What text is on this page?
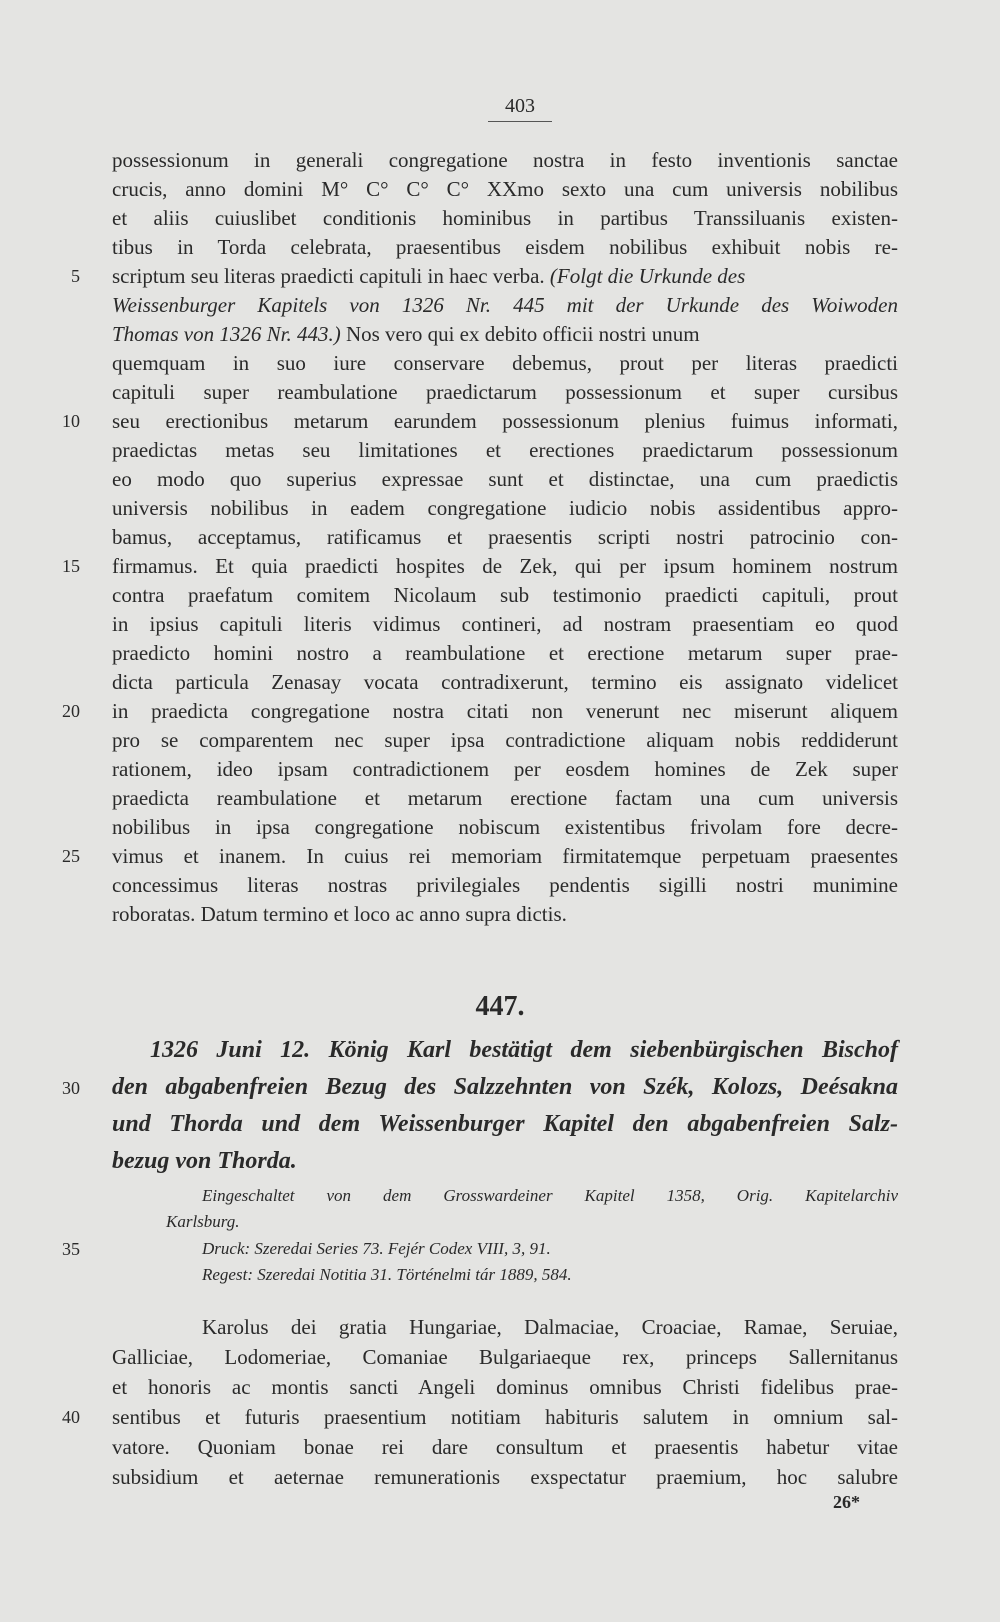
403
possessionum in generali congregatione nostra in festo inventionis sanctae
crucis, anno domini M° C° C° C° XXmo sexto una cum universis nobilibus
et aliis cuiuslibet conditionis hominibus in partibus Transsiluanis existen-
tibus in Torda celebrata, praesentibus eisdem nobilibus exhibuit nobis re-
scriptum seu literas praedicti capituli in haec verba. (Folgt die Urkunde des
Weissenburger Kapitels von 1326 Nr. 445 mit der Urkunde des Woiwoden
Thomas von 1326 Nr. 443.) Nos vero qui ex debito officii nostri unum
quemquam in suo iure conservare debemus, prout per literas praedicti
capituli super reambulatione praedictarum possessionum et super cursibus
seu erectionibus metarum earundem possessionum plenius fuimus informati,
praedictas metas seu limitationes et erectiones praedictarum possessionum
eo modo quo superius expressae sunt et distinctae, una cum praedictis
universis nobilibus in eadem congregatione iudicio nobis assidentibus appro-
bamus, acceptamus, ratificamus et praesentis scripti nostri patrocinio con-
firmamus. Et quia praedicti hospites de Zek, qui per ipsum hominem nostrum
contra praefatum comitem Nicolaum sub testimonio praedicti capituli, prout
in ipsius capituli literis vidimus contineri, ad nostram praesentiam eo quod
praedicto homini nostro a reambulatione et erectione metarum super prae-
dicta particula Zenasay vocata contradixerunt, termino eis assignato videlicet
in praedicta congregatione nostra citati non venerunt nec miserunt aliquem
pro se comparentem nec super ipsa contradictione aliquam nobis reddiderunt
rationem, ideo ipsam contradictionem per eosdem homines de Zek super
praedicta reambulatione et metarum erectione factam una cum universis
nobilibus in ipsa congregatione nobiscum existentibus frivolam fore decre-
vimus et inanem. In cuius rei memoriam firmitatemque perpetuam praesentes
concessimus literas nostras privilegiales pendentis sigilli nostri munimine
roboratas. Datum termino et loco ac anno supra dictis.
447.
1326 Juni 12. König Karl bestätigt dem siebenbürgischen Bischof
den abgabenfreien Bezug des Salzzehnten von Szék, Kolozs, Deésakna
und Thorda und dem Weissenburger Kapitel den abgabenfreien Salz-
bezug von Thorda.
Eingeschaltet von dem Grosswardeiner Kapitel 1358, Orig. Kapitelarchiv
Karlsburg.
Druck: Szeredai Series 73. Fejér Codex VIII, 3, 91.
Regest: Szeredai Notitia 31. Történelmi tár 1889, 584.
Karolus dei gratia Hungariae, Dalmaciae, Croaciae, Ramae, Seruiae,
Galliciae, Lodomeriae, Comaniae Bulgariaeque rex, princeps Sallernitanus
et honoris ac montis sancti Angeli dominus omnibus Christi fidelibus prae-
sentibus et futuris praesentium notitiam habituris salutem in omnium sal-
vatore. Quoniam bonae rei dare consultum et praesentis habetur vitae
subsidium et aeternae remunerationis exspectatur praemium, hoc salubre
5
10
15
20
25
30
35
40
26*
